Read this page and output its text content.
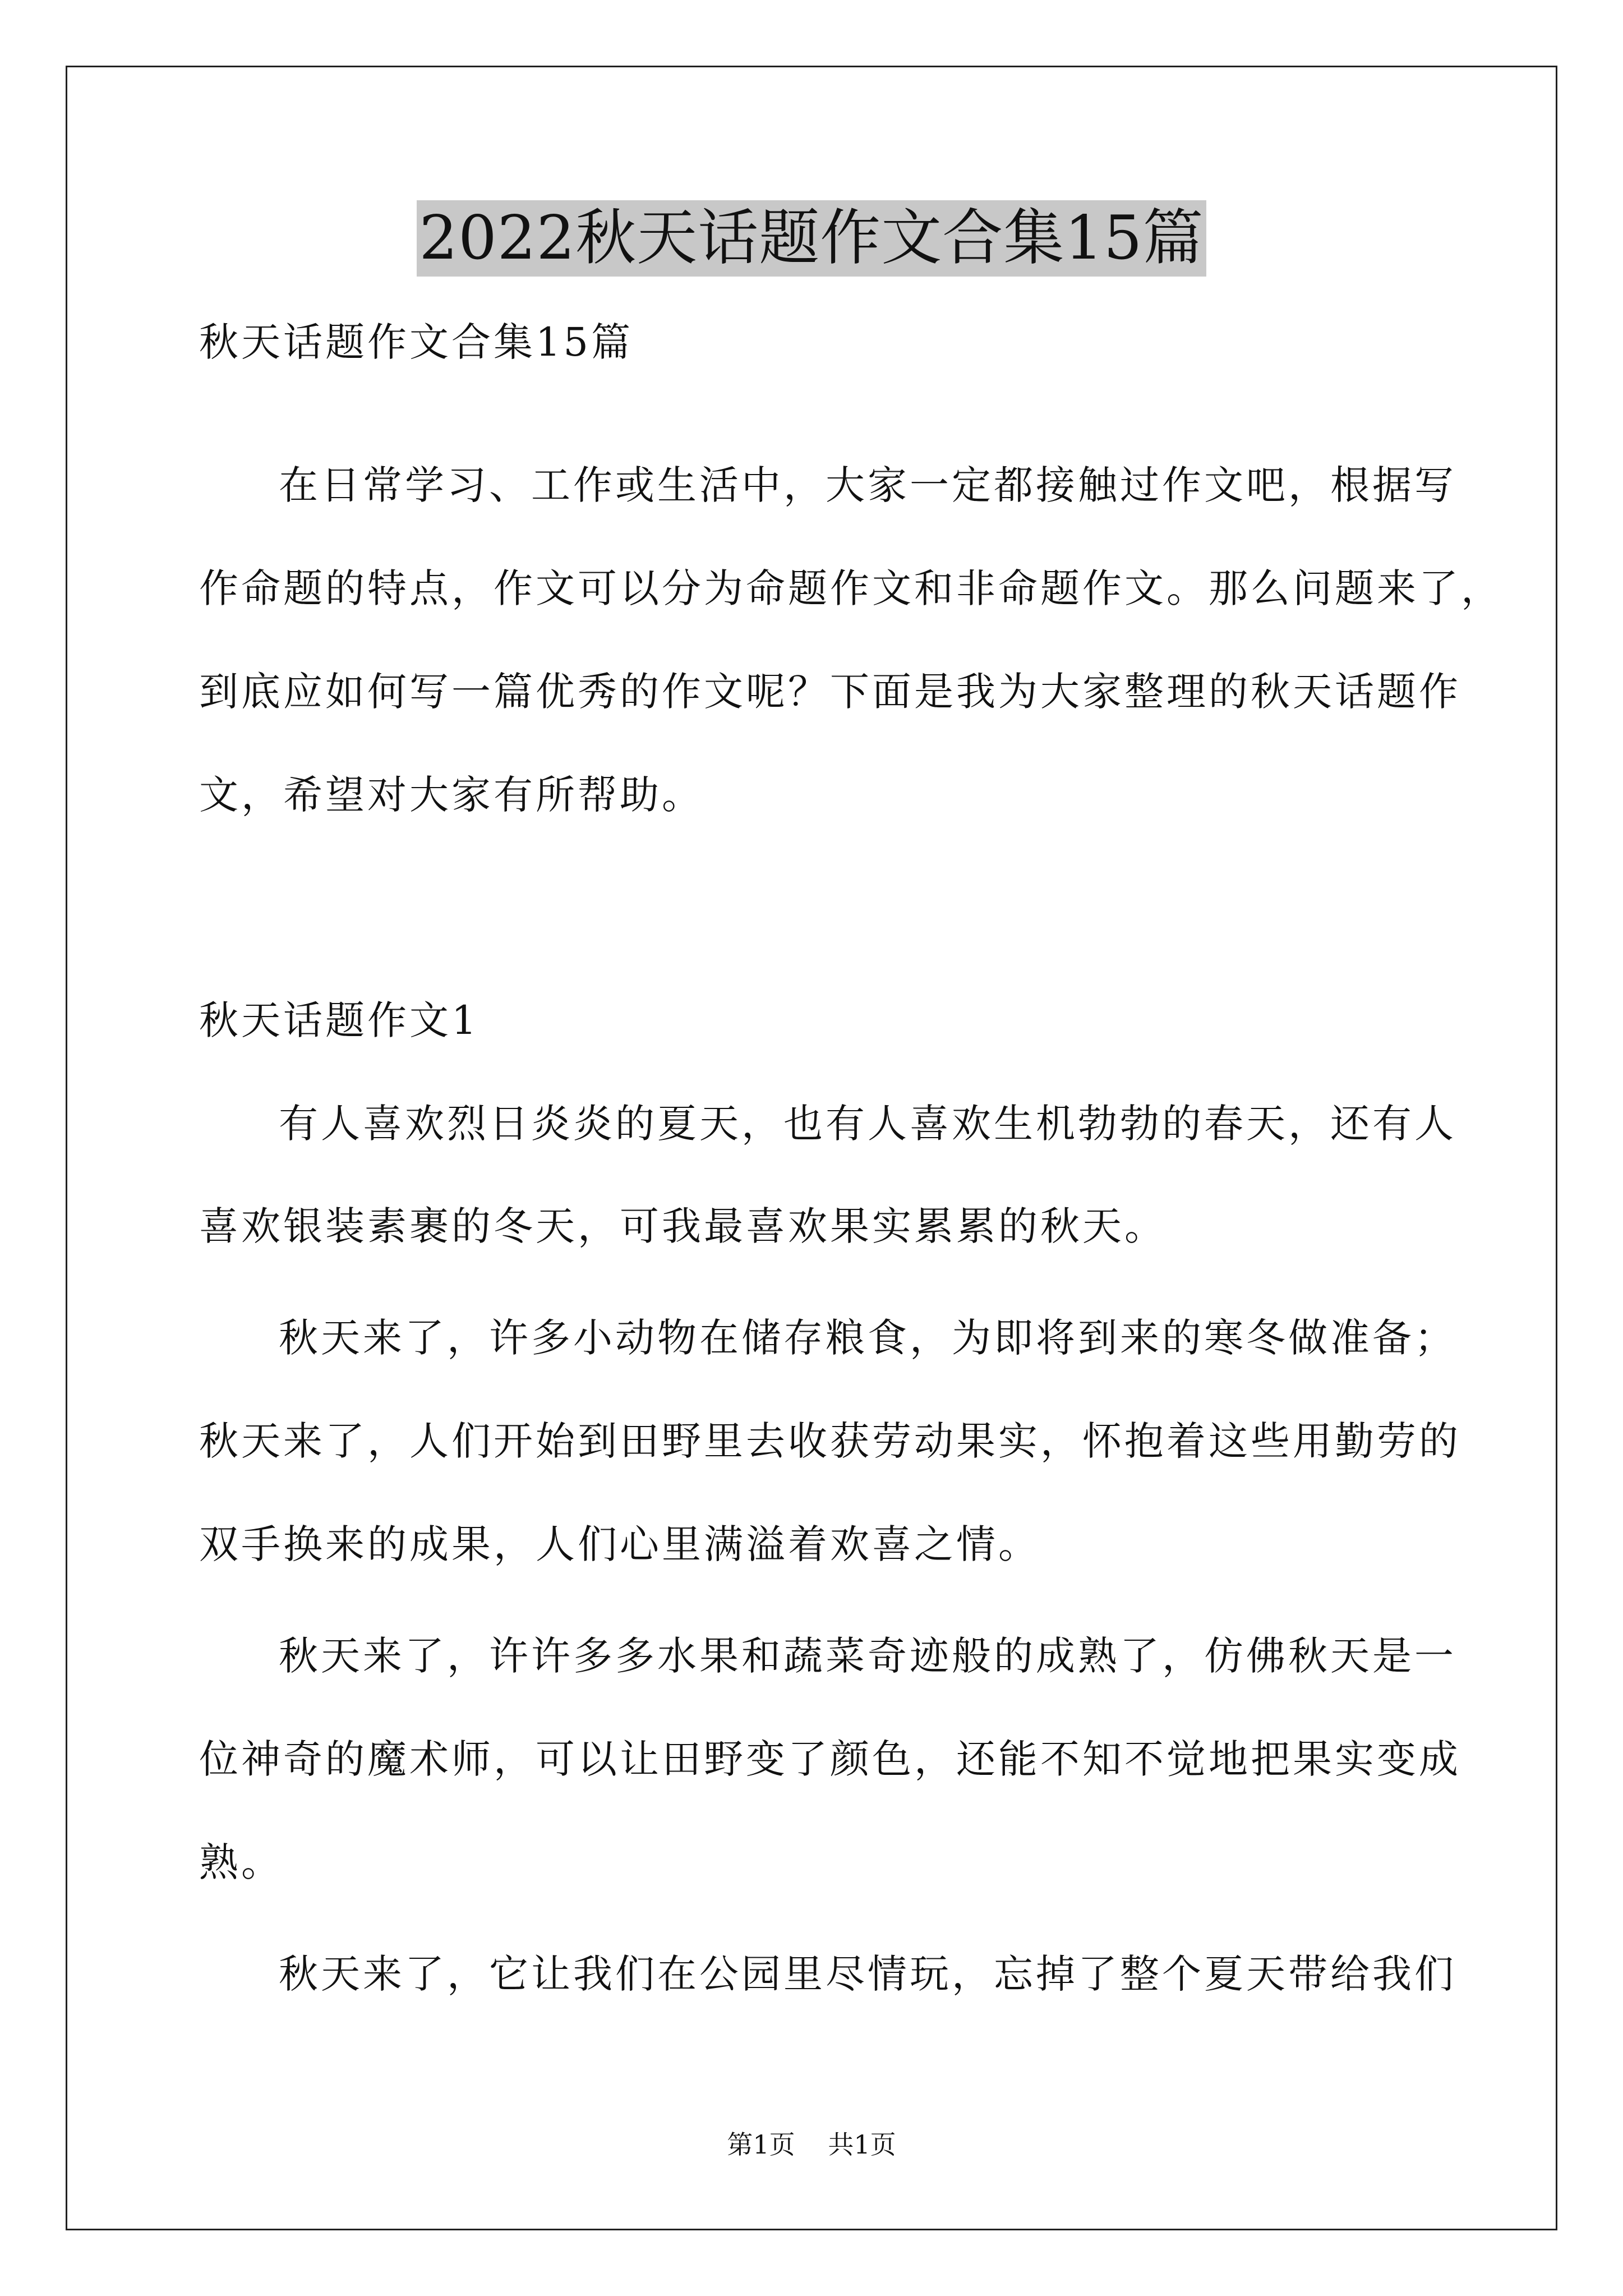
2022秋天话题作文合集15篇
秋天话题作文合集15篇
在日常学习、工作或生活中，大家一定都接触过作文吧，根据写
作命题的特点，作文可以分为命题作文和非命题作文。那么问题来了，
到底应如何写一篇优秀的作文呢？下面是我为大家整理的秋天话题作
文，希望对大家有所帮助。
秋天话题作文1
有人喜欢烈日炎炎的夏天，也有人喜欢生机勃勃的春天，还有人
喜欢银装素裹的冬天，可我最喜欢果实累累的秋天。
秋天来了，许多小动物在储存粮食，为即将到来的寒冬做准备；
秋天来了，人们开始到田野里去收获劳动果实，怀抱着这些用勤劳的
双手换来的成果，人们心里满溢着欢喜之情。
秋天来了，许许多多水果和蔬菜奇迹般的成熟了，仿佛秋天是一
位神奇的魔术师，可以让田野变了颜色，还能不知不觉地把果实变成
熟。
秋天来了，它让我们在公园里尽情玩，忘掉了整个夏天带给我们
第1页 共1页
